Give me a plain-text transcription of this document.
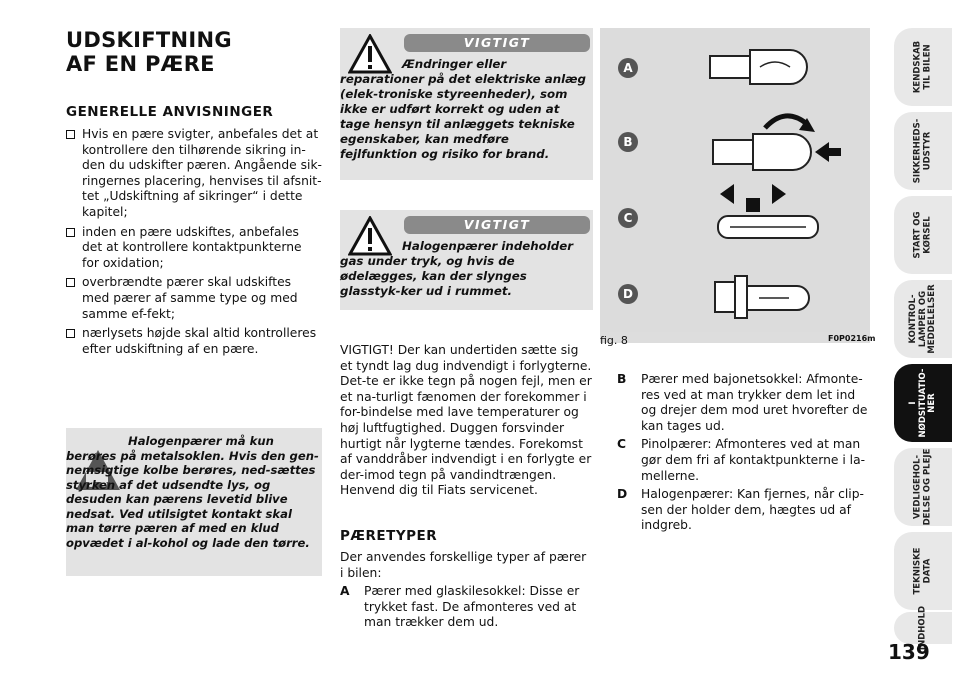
UDSKIFTNING
AF EN PÆRE
GENERELLE ANVISNINGER
Hvis en pære svigter, anbefales det at kontrollere den tilhørende sikring in-den du udskifter pæren. Angående sik-ringernes placering, henvises til afsnit-tet „Udskiftning af sikringer“ i dette kapitel;
inden en pære udskiftes, anbefales det at kontrollere kontaktpunkterne for oxidation;
overbrændte pærer skal udskiftes med pærer af samme type og med samme ef-fekt;
nærlysets højde skal altid kontrolleres efter udskiftning af en pære.
Halogenpærer må kun berøres på metalsoklen. Hvis den gen-nemsigtige kolbe berøres, ned-sættes styrken af det udsendte lys, og desuden kan pærens levetid blive nedsat. Ved utilsigtet kontakt skal man tørre pæren af med en klud opvædet i al-kohol og lade den tørre.
VIGTIGT
Ændringer eller reparationer på det elektriske anlæg (elek-troniske styreenheder), som ikke er udført korrekt og uden at tage hensyn til anlæggets tekniske egenskaber, kan medføre fejlfunktion og risiko for brand.
VIGTIGT
Halogenpærer indeholder gas under tryk, og hvis de ødelægges, kan der slynges glasstyk-ker ud i rummet.
VIGTIGT! Der kan undertiden sætte sig et tyndt lag dug indvendigt i forlygterne. Det-te er ikke tegn på nogen fejl, men er et na-turligt fænomen der forekommer i for-bindelse med lave temperaturer og høj luftfugtighed. Duggen forsvinder hurtigt når lygterne tændes. Forekomst af vanddråber indvendigt i en forlygte er der-imod tegn på vandindtrængen. Henvend dig til Fiats servicenet.
PÆRETYPER
Der anvendes forskellige typer af pærer i bilen:
A	Pærer med glaskilesokkel: Disse er trykket fast. De afmonteres ved at man trækker dem ud.
A
B
C
D
fig. 8	F0P0216m
B	Pærer med bajonetsokkel: Afmonte-res ved at man trykker dem let ind og drejer dem mod uret hvorefter de kan tages ud.
C	Pinolpærer: Afmonteres ved at man gør dem fri af kontaktpunkterne i la-mellerne.
D	Halogenpærer: Kan fjernes, når clip-sen der holder dem, hægtes ud af indgreb.
KENDSKAB
TIL BILEN
SIKKERHEDS-
UDSTYR
START OG
KØRSEL
KONTROL-
LAMPER OG
MEDDELELSER
I
NØDSITUATIO-
NER
VEDLIGEHOL-
DELSE OG PLEJE
TEKNISKE
DATA
INDHOLD
139
